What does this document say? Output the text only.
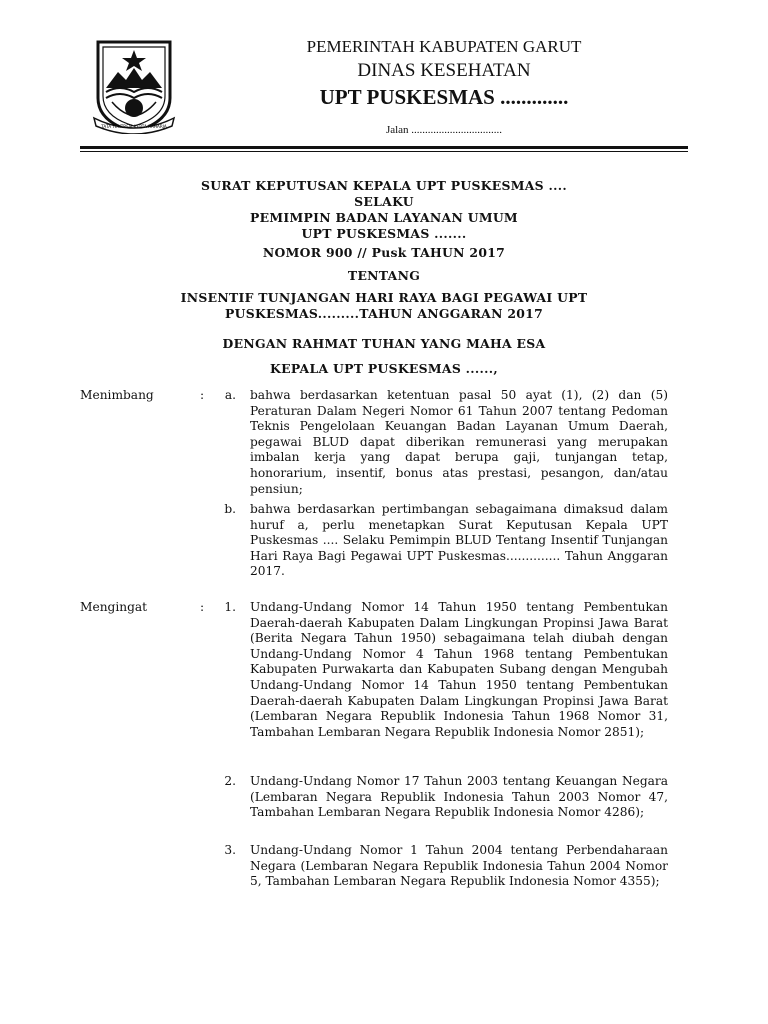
TATA TENTREM KERTA RAHARJA
PEMERINTAH KABUPATEN GARUT
DINAS KESEHATAN
UPT PUSKESMAS .............
Jalan .................................
SURAT KEPUTUSAN KEPALA UPT PUSKESMAS ....
SELAKU
PEMIMPIN BADAN LAYANAN UMUM
UPT PUSKESMAS .......
NOMOR 900 // Pusk TAHUN 2017
TENTANG
INSENTIF TUNJANGAN HARI RAYA BAGI PEGAWAI UPT
PUSKESMAS.........TAHUN ANGGARAN 2017
DENGAN RAHMAT TUHAN YANG MAHA ESA
KEPALA UPT PUSKESMAS ......,
Menimbang	:	a. bahwa berdasarkan ketentuan pasal 50 ayat (1), (2) dan (5) Peraturan Dalam Negeri Nomor 61 Tahun 2007 tentang Pedoman Teknis Pengelolaan Keuangan Badan Layanan Umum Daerah, pegawai BLUD dapat diberikan remunerasi yang merupakan imbalan kerja yang dapat berupa gaji, tunjangan tetap, honorarium, insentif, bonus atas prestasi, pesangon, dan/atau pensiun;
b. bahwa berdasarkan pertimbangan sebagaimana dimaksud dalam huruf a, perlu menetapkan Surat Keputusan Kepala UPT Puskesmas .... Selaku Pemimpin BLUD Tentang Insentif Tunjangan Hari Raya Bagi Pegawai UPT Puskesmas.............. Tahun Anggaran 2017.
Mengingat	:	1. Undang-Undang Nomor 14 Tahun 1950 tentang Pembentukan Daerah-daerah Kabupaten Dalam Lingkungan Propinsi Jawa Barat (Berita Negara Tahun 1950) sebagaimana telah diubah dengan Undang-Undang Nomor 4 Tahun 1968 tentang Pembentukan Kabupaten Purwakarta dan Kabupaten Subang dengan Mengubah Undang-Undang Nomor 14 Tahun 1950 tentang Pembentukan Daerah-daerah Kabupaten Dalam Lingkungan Propinsi Jawa Barat (Lembaran Negara Republik Indonesia Tahun 1968 Nomor 31, Tambahan Lembaran Negara Republik Indonesia Nomor 2851);
2. Undang-Undang Nomor 17 Tahun 2003 tentang Keuangan Negara (Lembaran Negara Republik Indonesia Tahun 2003 Nomor 47, Tambahan Lembaran Negara Republik Indonesia Nomor 4286);
3. Undang-Undang Nomor 1 Tahun 2004 tentang Perbendaharaan Negara (Lembaran Negara Republik Indonesia Tahun 2004 Nomor 5, Tambahan Lembaran Negara Republik Indonesia Nomor 4355);
